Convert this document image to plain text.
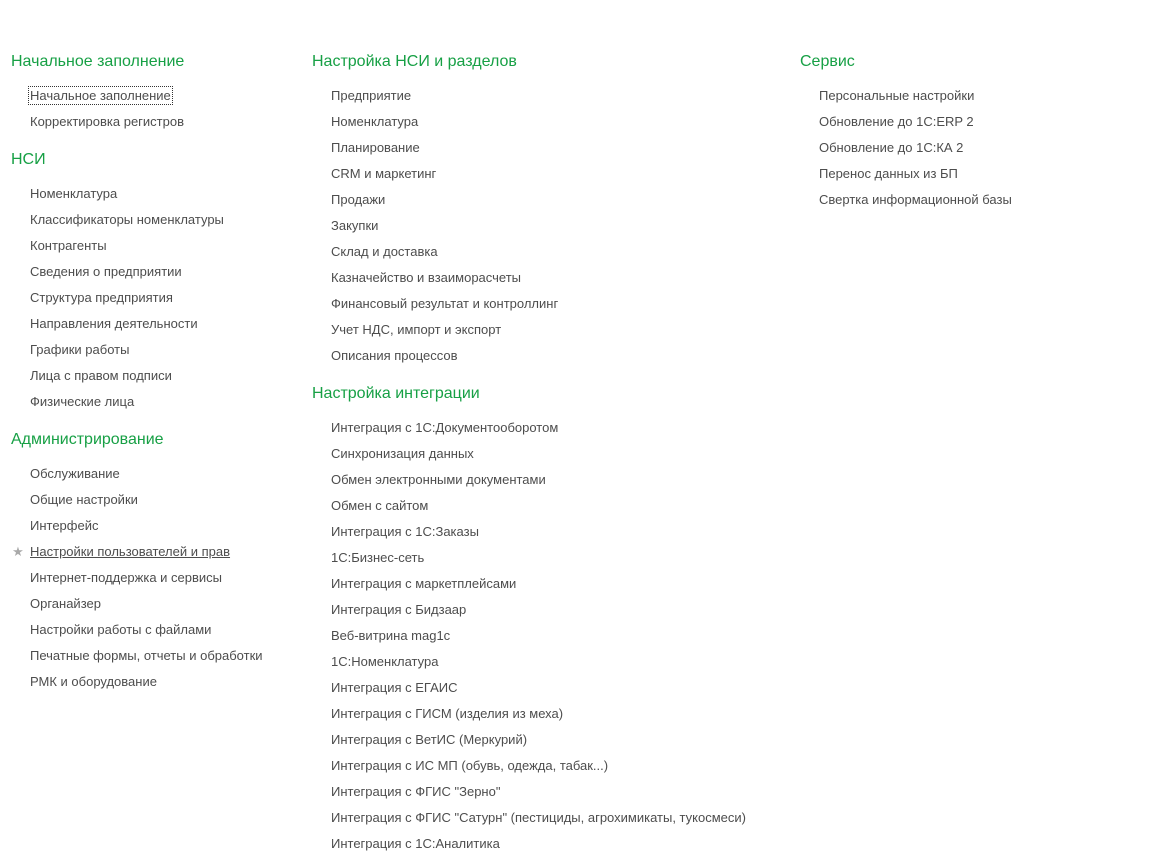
Начальное заполнение
Начальное заполнение
Корректировка регистров
НСИ
Номенклатура
Классификаторы номенклатуры
Контрагенты
Сведения о предприятии
Структура предприятия
Направления деятельности
Графики работы
Лица с правом подписи
Физические лица
Администрирование
Обслуживание
Общие настройки
Интерфейс
★ Настройки пользователей и прав
Интернет-поддержка и сервисы
Органайзер
Настройки работы с файлами
Печатные формы, отчеты и обработки
РМК и оборудование
Настройка НСИ и разделов
Предприятие
Номенклатура
Планирование
CRM и маркетинг
Продажи
Закупки
Склад и доставка
Казначейство и взаиморасчеты
Финансовый результат и контроллинг
Учет НДС, импорт и экспорт
Описания процессов
Настройка интеграции
Интеграция с 1С:Документооборотом
Синхронизация данных
Обмен электронными документами
Обмен с сайтом
Интеграция с 1С:Заказы
1С:Бизнес-сеть
Интеграция с маркетплейсами
Интеграция с Бидзаар
Веб-витрина mag1c
1С:Номенклатура
Интеграция с ЕГАИС
Интеграция с ГИСМ (изделия из меха)
Интеграция с ВетИС (Меркурий)
Интеграция с ИС МП (обувь, одежда, табак...)
Интеграция с ФГИС "Зерно"
Интеграция с ФГИС "Сатурн" (пестициды, агрохимикаты, тукосмеси)
Интеграция с 1С:Аналитика
Сервис
Персональные настройки
Обновление до 1С:ERP 2
Обновление до 1С:КА 2
Перенос данных из БП
Свертка информационной базы
